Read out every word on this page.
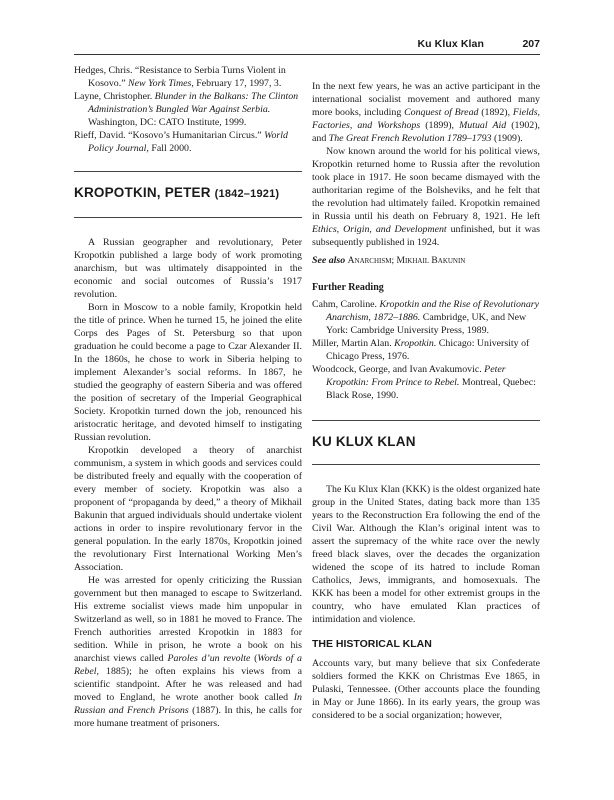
Ku Klux Klan	207

Hedges, Chris. “Resistance to Serbia Turns Violent in Kosovo.” New York Times, February 17, 1997, 3.

Layne, Christopher. Blunder in the Balkans: The Clinton Administration’s Bungled War Against Serbia. Washington, DC: CATO Institute, 1999.

Rieff, David. “Kosovo’s Humanitarian Circus.” World Policy Journal, Fall 2000.

KROPOTKIN, PETER (1842–1921)

A Russian geographer and revolutionary, Peter Kropotkin published a large body of work promoting anarchism, but was ultimately disappointed in the economic and social outcomes of Russia’s 1917 revolution.

Born in Moscow to a noble family, Kropotkin held the title of prince. When he turned 15, he joined the elite Corps des Pages of St. Petersburg so that upon graduation he could become a page to Czar Alexander II. In the 1860s, he chose to work in Siberia helping to implement Alexander’s social reforms. In 1867, he studied the geography of eastern Siberia and was offered the position of secretary of the Imperial Geographical Society. Kropotkin turned down the job, renounced his aristocratic heritage, and devoted himself to instigating Russian revolution.

Kropotkin developed a theory of anarchist communism, a system in which goods and services could be distributed freely and equally with the cooperation of every member of society. Kropotkin was also a proponent of “propaganda by deed,” a theory of Mikhail Bakunin that argued individuals should undertake violent actions in order to inspire revolutionary fervor in the general population. In the early 1870s, Kropotkin joined the revolutionary First International Working Men’s Association.

He was arrested for openly criticizing the Russian government but then managed to escape to Switzerland. His extreme socialist views made him unpopular in Switzerland as well, so in 1881 he moved to France. The French authorities arrested Kropotkin in 1883 for sedition. While in prison, he wrote a book on his anarchist views called Paroles d’un revolte (Words of a Rebel, 1885); he often explains his views from a scientific standpoint. After he was released and had moved to England, he wrote another book called In Russian and French Prisons (1887). In this, he calls for more humane treatment of prisoners.

In the next few years, he was an active participant in the international socialist movement and authored many more books, including Conquest of Bread (1892), Fields, Factories, and Workshops (1899), Mutual Aid (1902), and The Great French Revolution 1789–1793 (1909).

Now known around the world for his political views, Kropotkin returned home to Russia after the revolution took place in 1917. He soon became dismayed with the authoritarian regime of the Bolsheviks, and he felt that the revolution had ultimately failed. Kropotkin remained in Russia until his death on February 8, 1921. He left Ethics, Origin, and Development unfinished, but it was subsequently published in 1924.

See also Anarchism; Mikhail Bakunin

Further Reading

Cahm, Caroline. Kropotkin and the Rise of Revolutionary Anarchism, 1872–1886. Cambridge, UK, and New York: Cambridge University Press, 1989.

Miller, Martin Alan. Kropotkin. Chicago: University of Chicago Press, 1976.

Woodcock, George, and Ivan Avakumovic. Peter Kropotkin: From Prince to Rebel. Montreal, Quebec: Black Rose, 1990.

KU KLUX KLAN

The Ku Klux Klan (KKK) is the oldest organized hate group in the United States, dating back more than 135 years to the Reconstruction Era following the end of the Civil War. Although the Klan’s original intent was to assert the supremacy of the white race over the newly freed black slaves, over the decades the organization widened the scope of its hatred to include Roman Catholics, Jews, immigrants, and homosexuals. The KKK has been a model for other extremist groups in the country, who have emulated Klan practices of intimidation and violence.

THE HISTORICAL KLAN

Accounts vary, but many believe that six Confederate soldiers formed the KKK on Christmas Eve 1865, in Pulaski, Tennessee. (Other accounts place the founding in May or June 1866). In its early years, the group was considered to be a social organization; however,
